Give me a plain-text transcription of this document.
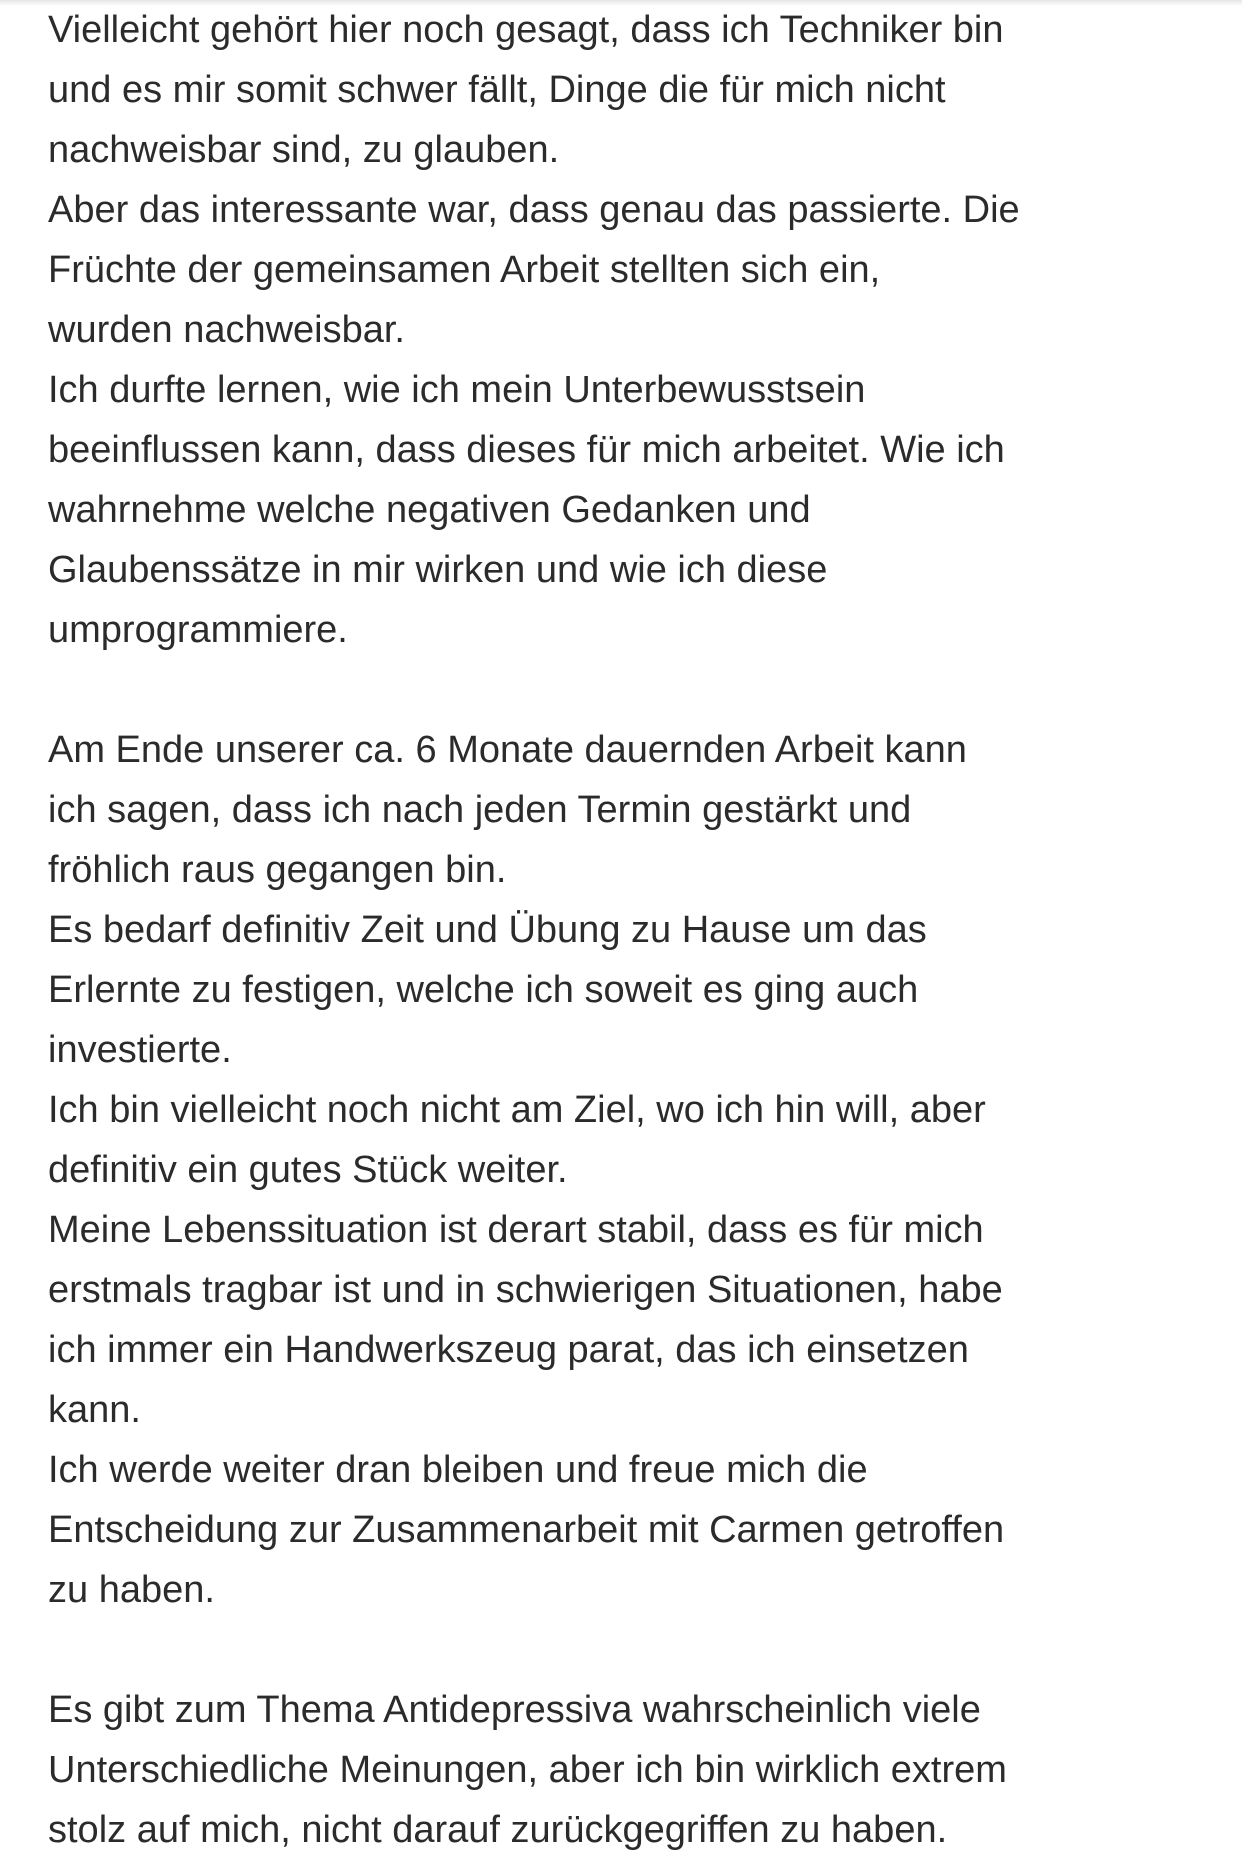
Vielleicht gehört hier noch gesagt, dass ich Techniker bin
und es mir somit schwer fällt, Dinge die für mich nicht
nachweisbar sind, zu glauben.
Aber das interessante war, dass genau das passierte. Die
Früchte der gemeinsamen Arbeit stellten sich ein,
wurden nachweisbar.
Ich durfte lernen, wie ich mein Unterbewusstsein
beeinflussen kann, dass dieses für mich arbeitet. Wie ich
wahrnehme welche negativen Gedanken und
Glaubenssätze in mir wirken und wie ich diese
umprogrammiere.
Am Ende unserer ca. 6 Monate dauernden Arbeit kann
ich sagen, dass ich nach jeden Termin gestärkt und
fröhlich raus gegangen bin.
Es bedarf definitiv Zeit und Übung zu Hause um das
Erlernte zu festigen, welche ich soweit es ging auch
investierte.
Ich bin vielleicht noch nicht am Ziel, wo ich hin will, aber
definitiv ein gutes Stück weiter.
Meine Lebenssituation ist derart stabil, dass es für mich
erstmals tragbar ist und in schwierigen Situationen, habe
ich immer ein Handwerkszeug parat, das ich einsetzen
kann.
Ich werde weiter dran bleiben und freue mich die
Entscheidung zur Zusammenarbeit mit Carmen getroffen
zu haben.
Es gibt zum Thema Antidepressiva wahrscheinlich viele
Unterschiedliche Meinungen, aber ich bin wirklich extrem
stolz auf mich, nicht darauf zurückgegriffen zu haben.
